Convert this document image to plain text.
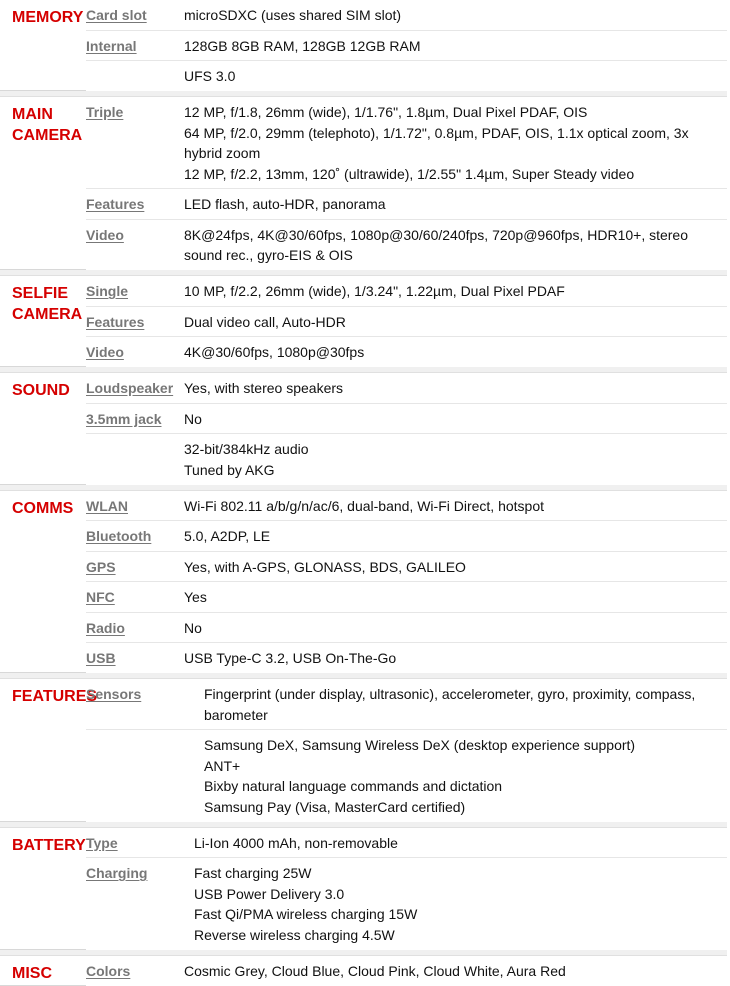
MEMORY	Card slot	microSDXC (uses shared SIM slot)

	Internal	128GB 8GB RAM, 128GB 12GB RAM

		UFS 3.0
MAIN CAMERA	Triple	12 MP, f/1.8, 26mm (wide), 1/1.76", 1.8µm, Dual Pixel PDAF, OIS
64 MP, f/2.0, 29mm (telephoto), 1/1.72", 0.8µm, PDAF, OIS, 1.1x optical zoom, 3x hybrid zoom
12 MP, f/2.2, 13mm, 120˚ (ultrawide), 1/2.55" 1.4µm, Super Steady video

	Features	LED flash, auto-HDR, panorama

	Video	8K@24fps, 4K@30/60fps, 1080p@30/60/240fps, 720p@960fps, HDR10+, stereo sound rec., gyro-EIS & OIS
SELFIE CAMERA	Single	10 MP, f/2.2, 26mm (wide), 1/3.24", 1.22µm, Dual Pixel PDAF

	Features	Dual video call, Auto-HDR

	Video	4K@30/60fps, 1080p@30fps
SOUND	Loudspeaker	Yes, with stereo speakers

	3.5mm jack	No

		32-bit/384kHz audio
Tuned by AKG
COMMS	WLAN	Wi-Fi 802.11 a/b/g/n/ac/6, dual-band, Wi-Fi Direct, hotspot

	Bluetooth	5.0, A2DP, LE

	GPS	Yes, with A-GPS, GLONASS, BDS, GALILEO

	NFC	Yes

	Radio	No

	USB	USB Type-C 3.2, USB On-The-Go
FEATURES	Sensors	Fingerprint (under display, ultrasonic), accelerometer, gyro, proximity, compass, barometer

		Samsung DeX, Samsung Wireless DeX (desktop experience support)
ANT+
Bixby natural language commands and dictation
Samsung Pay (Visa, MasterCard certified)
BATTERY	Type	Li-Ion 4000 mAh, non-removable

	Charging	Fast charging 25W
USB Power Delivery 3.0
Fast Qi/PMA wireless charging 15W
Reverse wireless charging 4.5W
MISC	Colors	Cosmic Grey, Cloud Blue, Cloud Pink, Cloud White, Aura Red
